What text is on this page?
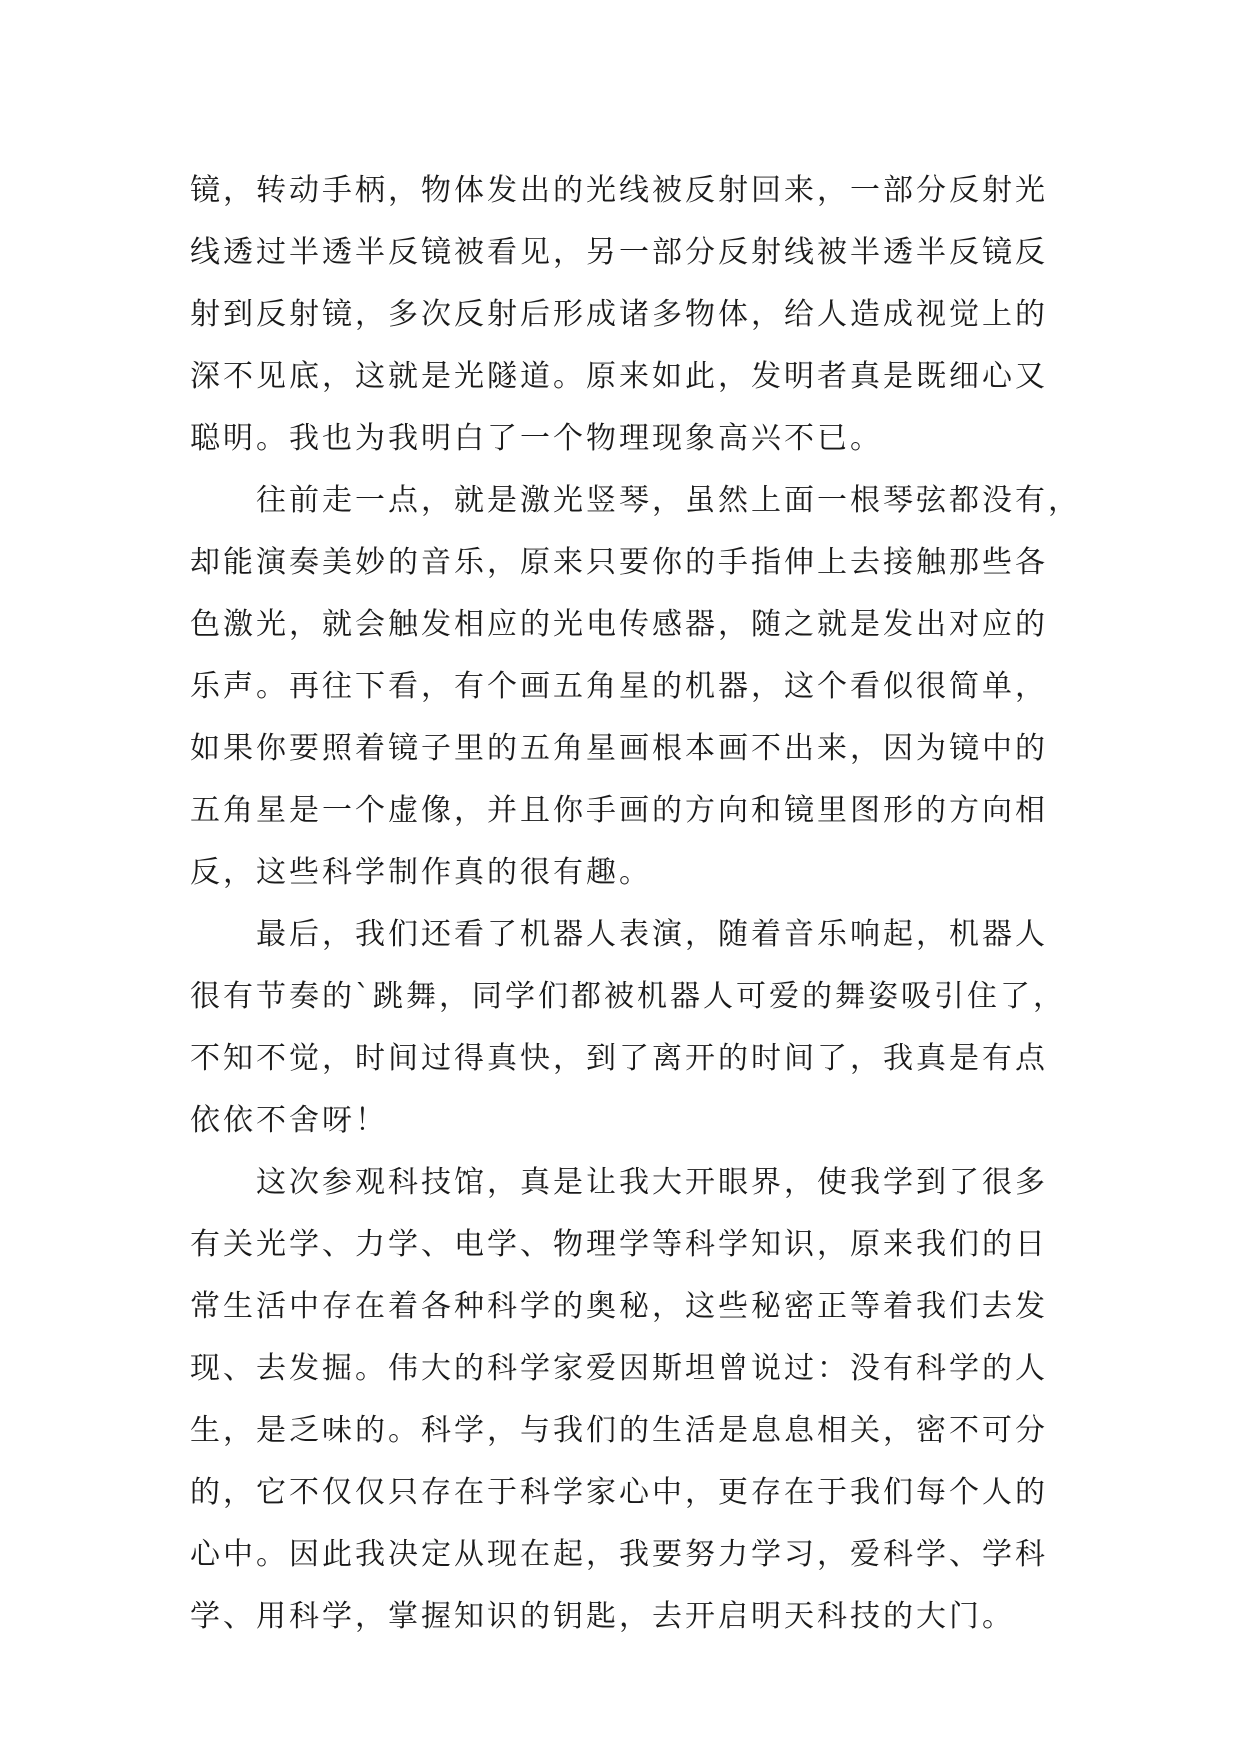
镜，转动手柄，物体发出的光线被反射回来，一部分反射光
线透过半透半反镜被看见，另一部分反射线被半透半反镜反
射到反射镜，多次反射后形成诸多物体，给人造成视觉上的
深不见底，这就是光隧道。原来如此，发明者真是既细心又
聪明。我也为我明白了一个物理现象高兴不已。
往前走一点，就是激光竖琴，虽然上面一根琴弦都没有，
却能演奏美妙的音乐，原来只要你的手指伸上去接触那些各
色激光，就会触发相应的光电传感器，随之就是发出对应的
乐声。再往下看，有个画五角星的机器，这个看似很简单，
如果你要照着镜子里的五角星画根本画不出来，因为镜中的
五角星是一个虚像，并且你手画的方向和镜里图形的方向相
反，这些科学制作真的很有趣。
最后，我们还看了机器人表演，随着音乐响起，机器人
很有节奏的`跳舞，同学们都被机器人可爱的舞姿吸引住了，
不知不觉，时间过得真快，到了离开的时间了，我真是有点
依依不舍呀！
这次参观科技馆，真是让我大开眼界，使我学到了很多
有关光学、力学、电学、物理学等科学知识，原来我们的日
常生活中存在着各种科学的奥秘，这些秘密正等着我们去发
现、去发掘。伟大的科学家爱因斯坦曾说过：没有科学的人
生，是乏味的。科学，与我们的生活是息息相关，密不可分
的，它不仅仅只存在于科学家心中，更存在于我们每个人的
心中。因此我决定从现在起，我要努力学习，爱科学、学科
学、用科学，掌握知识的钥匙，去开启明天科技的大门。
